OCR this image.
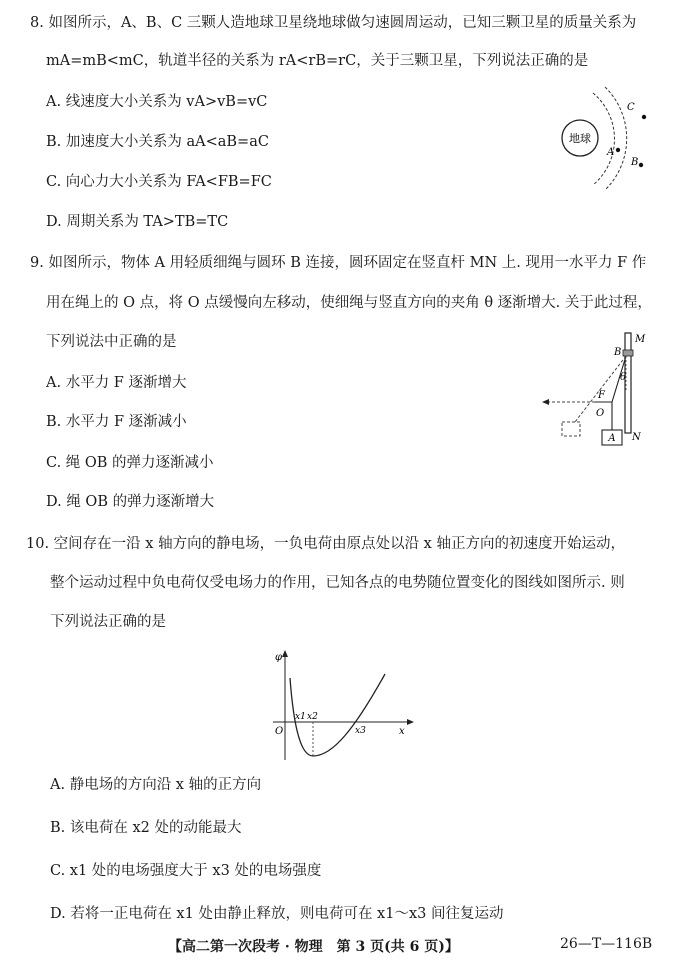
8. 如图所示，A、B、C 三颗人造地球卫星绕地球做匀速圆周运动，已知三颗卫星的质量关系为
mA=mB<mC，轨道半径的关系为 rA<rB=rC，关于三颗卫星，下列说法正确的是
A. 线速度大小关系为 vA>vB=vC
B. 加速度大小关系为 aA<aB=aC
C. 向心力大小关系为 FA<FB=FC
D. 周期关系为 TA>TB=TC
地球
A
C
B
9. 如图所示，物体 A 用轻质细绳与圆环 B 连接，圆环固定在竖直杆 MN 上. 现用一水平力 F 作
用在绳上的 O 点，将 O 点缓慢向左移动，使细绳与竖直方向的夹角 θ 逐渐增大. 关于此过程，
下列说法中正确的是
A. 水平力 F 逐渐增大
B. 水平力 F 逐渐减小
C. 绳 OB 的弹力逐渐减小
D. 绳 OB 的弹力逐渐增大
M
N
B
θ
O
F
A
10. 空间存在一沿 x 轴方向的静电场，一负电荷由原点处以沿 x 轴正方向的初速度开始运动，
整个运动过程中负电荷仅受电场力的作用，已知各点的电势随位置变化的图线如图所示. 则
下列说法正确的是
φ
x
O
x1 x2
x3
A. 静电场的方向沿 x 轴的正方向
B. 该电荷在 x2 处的动能最大
C. x1 处的电场强度大于 x3 处的电场强度
D. 若将一正电荷在 x1 处由静止释放，则电荷可在 x1～x3 间往复运动
【高二第一次段考 · 物理　第 3 页(共 6 页)】	26—T—116B
